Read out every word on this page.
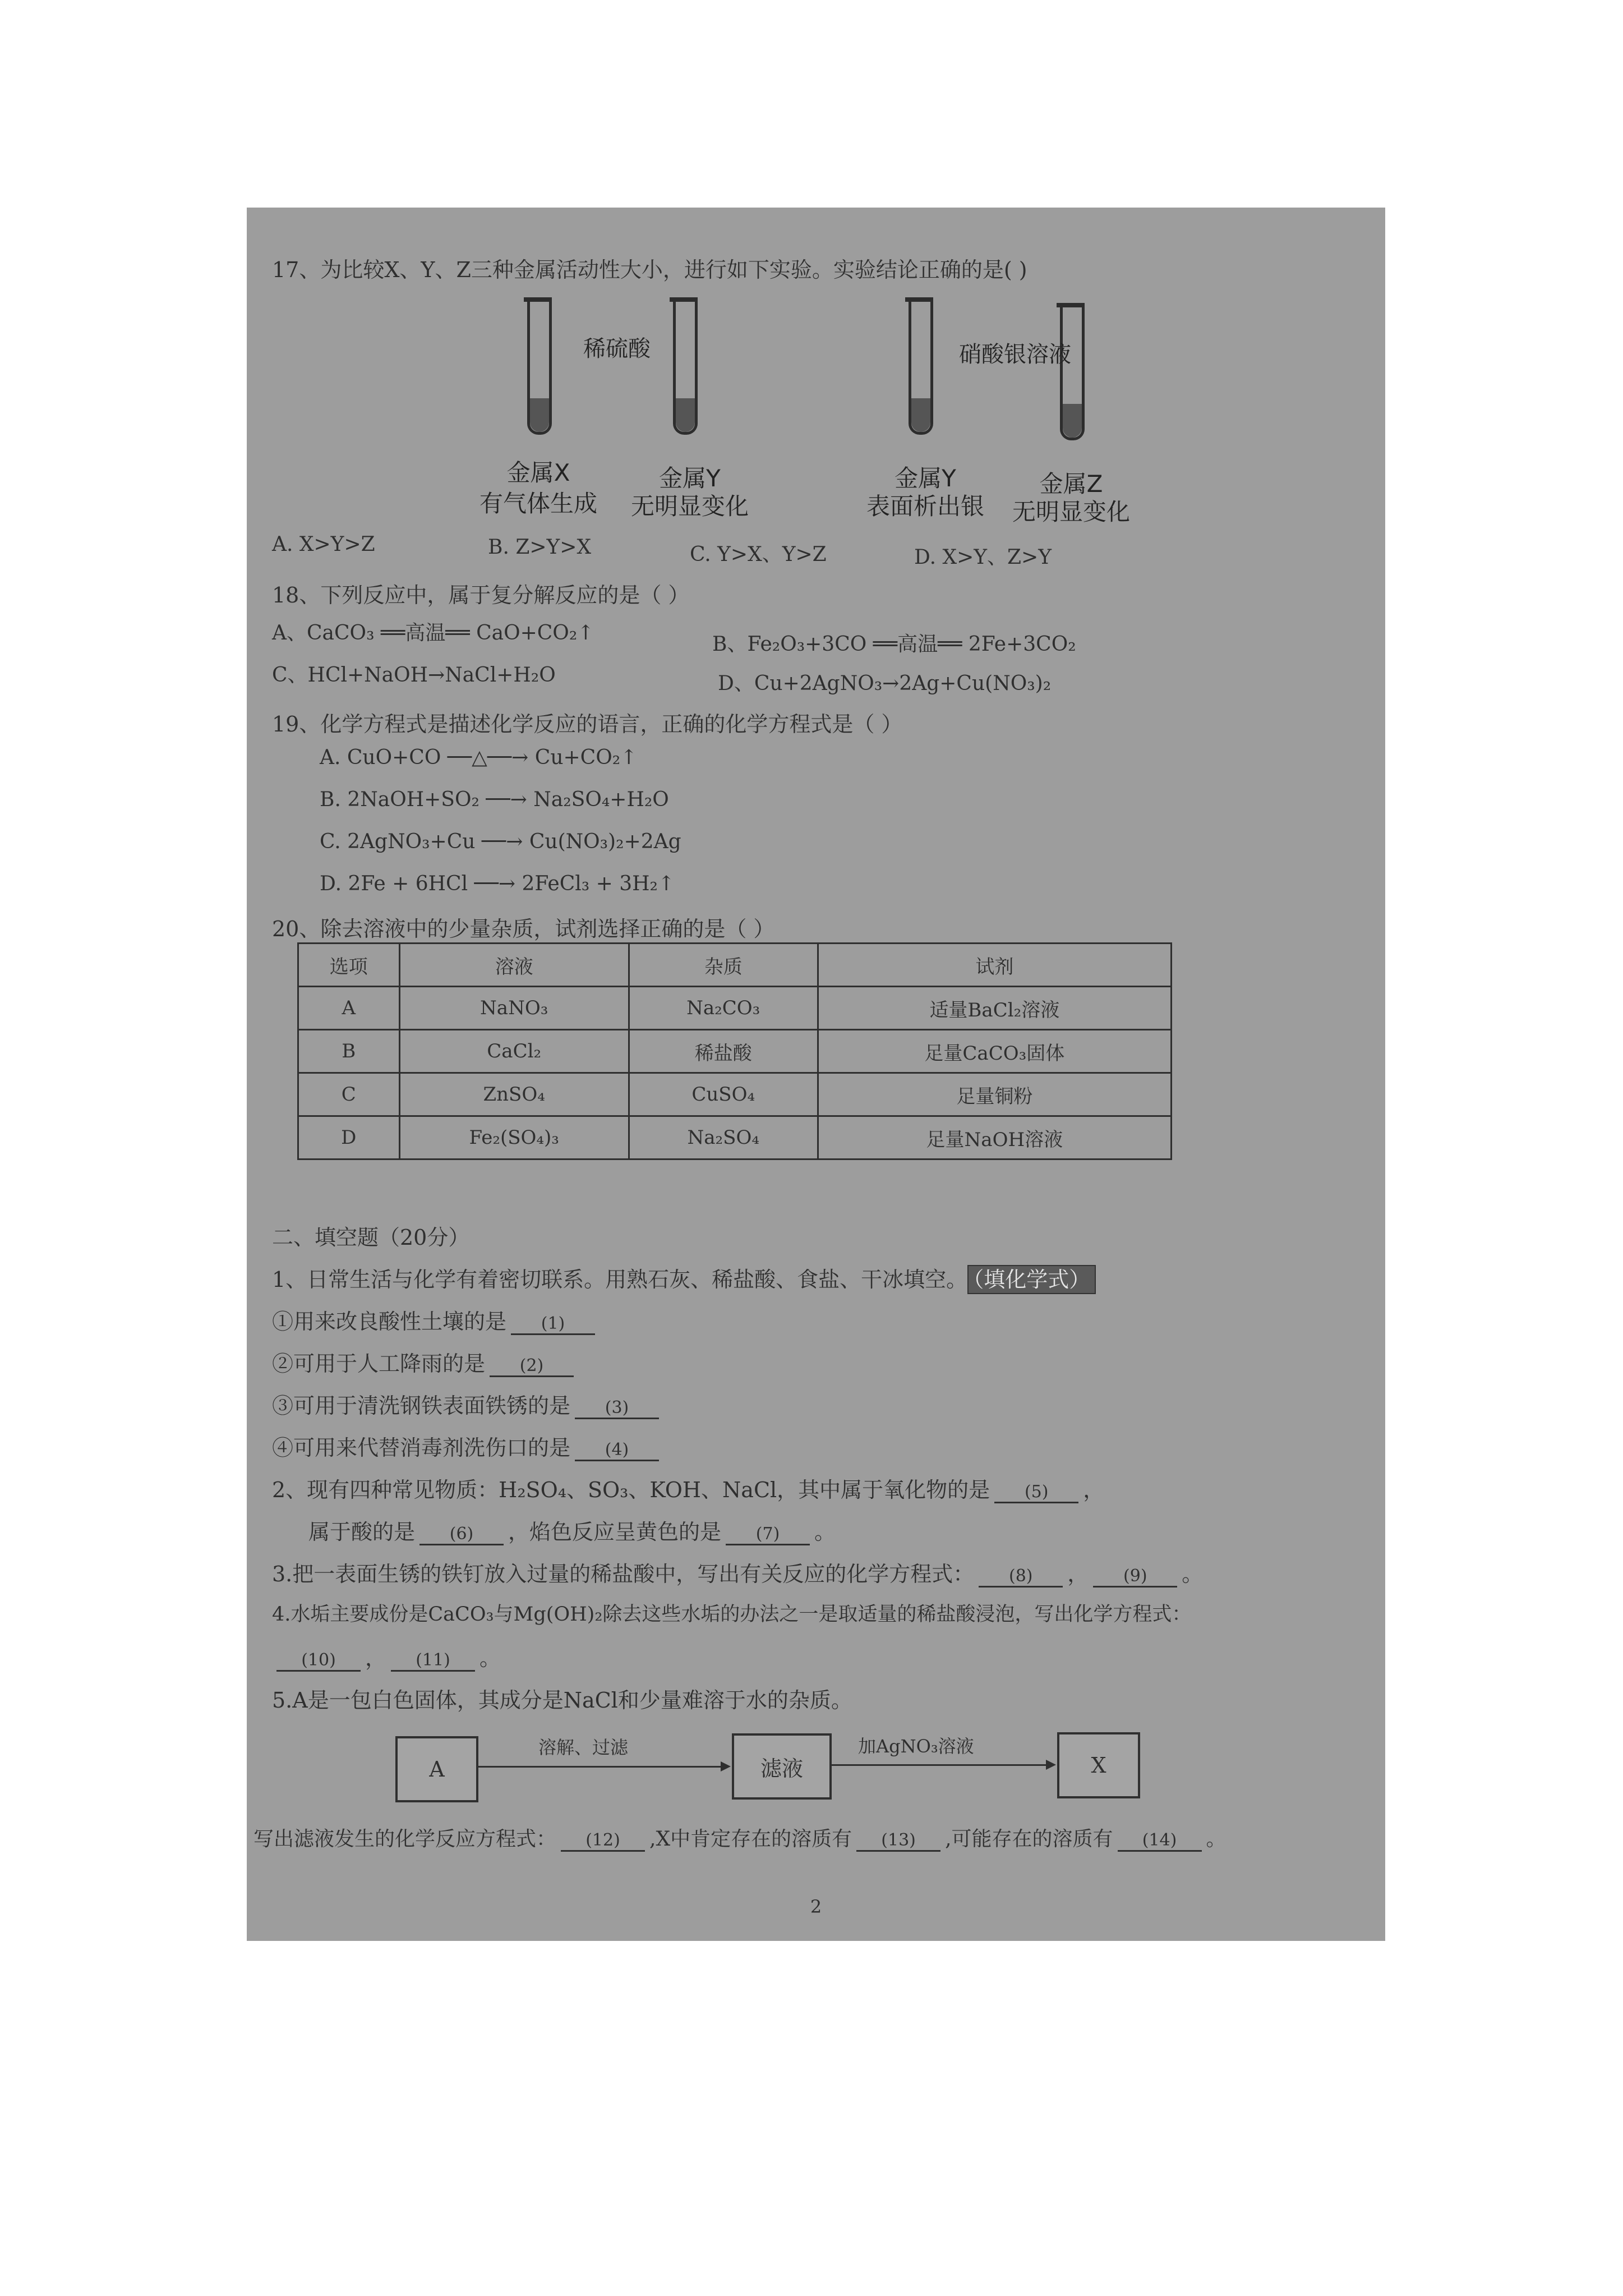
17、为比较X、Y、Z三种金属活动性大小，进行如下实验。实验结论正确的是( )
稀硫酸	硝酸银溶液
金属X
有气体生成
金属Y
无明显变化
金属Y
表面析出银
金属Z
无明显变化
A. X>Y>Z	B. Z>Y>X	C. Y>X、Y>Z	D. X>Y、Z>Y
18、下列反应中，属于复分解反应的是（ ）
A、CaCO₃ ══高温══ CaO+CO₂↑	B、Fe₂O₃+3CO ══高温══ 2Fe+3CO₂
C、HCl+NaOH→NaCl+H₂O	D、Cu+2AgNO₃→2Ag+Cu(NO₃)₂
19、化学方程式是描述化学反应的语言，正确的化学方程式是（ ）
A. CuO+CO ──△──→ Cu+CO₂↑
B. 2NaOH+SO₂ ──→ Na₂SO₄+H₂O
C. 2AgNO₃+Cu ──→ Cu(NO₃)₂+2Ag
D. 2Fe + 6HCl ──→ 2FeCl₃ + 3H₂↑
20、除去溶液中的少量杂质，试剂选择正确的是（ ）
选项	溶液	杂质	试剂
A	NaNO₃	Na₂CO₃	适量BaCl₂溶液
B	CaCl₂	稀盐酸	足量CaCO₃固体
C	ZnSO₄	CuSO₄	足量铜粉
D	Fe₂(SO₄)₃	Na₂SO₄	足量NaOH溶液
二、填空题（20分）
1、日常生活与化学有着密切联系。用熟石灰、稀盐酸、食盐、干冰填空。 （填化学式）
①用来改良酸性土壤的是 (1)
②可用于人工降雨的是 (2)
③可用于清洗钢铁表面铁锈的是 (3)
④可用来代替消毒剂洗伤口的是 (4)
2、现有四种常见物质：H₂SO₄、SO₃、KOH、NaCl，其中属于氧化物的是 (5) ，
属于酸的是 (6) ，焰色反应呈黄色的是 (7) 。
3.把一表面生锈的铁钉放入过量的稀盐酸中，写出有关反应的化学方程式： (8) ， (9) 。
4.水垢主要成份是CaCO₃与Mg(OH)₂除去这些水垢的办法之一是取适量的稀盐酸浸泡，写出化学方程式：
(10) ， (11) 。
5.A是一包白色固体，其成分是NaCl和少量难溶于水的杂质。
A
溶解、过滤
滤液
加AgNO₃溶液
X
写出滤液发生的化学反应方程式： (12) ,X中肯定存在的溶质有 (13) ,可能存在的溶质有 (14) 。
2
